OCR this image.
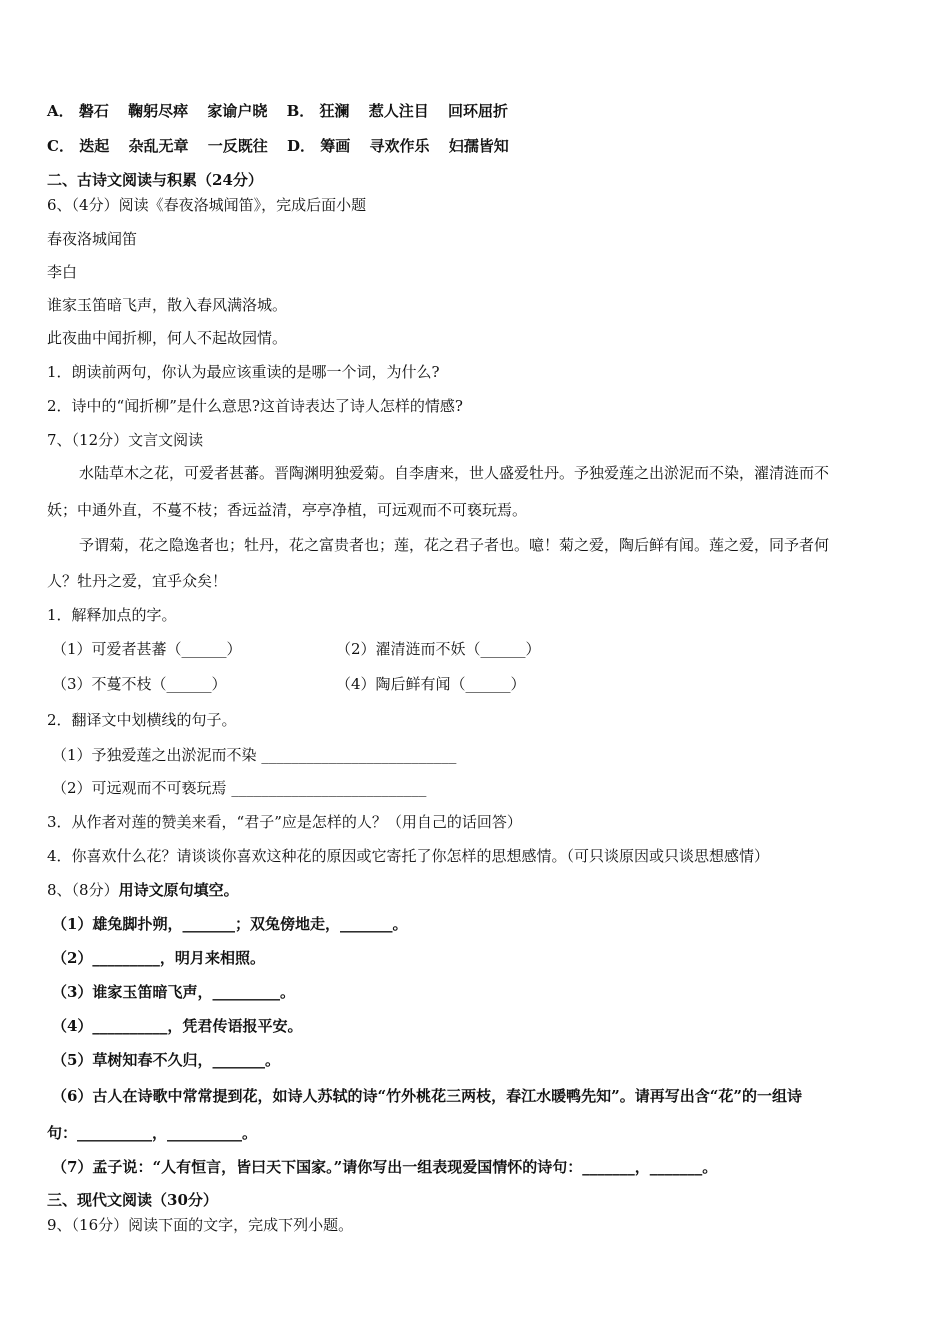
A． 磐石 鞠躬尽瘁 家谕户晓 B． 狂澜 惹人注目 回环屈折
C． 迭起 杂乱无章 一反既往 D． 筹画 寻欢作乐 妇孺皆知
二、古诗文阅读与积累（24分）
6、（4分）阅读《春夜洛城闻笛》，完成后面小题
春夜洛城闻笛
李白
谁家玉笛暗飞声，散入春风满洛城。
此夜曲中闻折柳，何人不起故园情。
1．朗读前两句，你认为最应该重读的是哪一个词，为什么?
2．诗中的“闻折柳”是什么意思?这首诗表达了诗人怎样的情感?
7、（12分）文言文阅读
水陆草木之花，可爱者甚蕃。晋陶渊明独爱菊。自李唐来，世人盛爱牡丹。予独爱莲之出淤泥而不染，濯清涟而不
妖；中通外直，不蔓不枝；香远益清，亭亭净植，可远观而不可亵玩焉。
予谓菊，花之隐逸者也；牡丹，花之富贵者也；莲，花之君子者也。噫！菊之爱，陶后鲜有闻。莲之爱，同予者何
人？牡丹之爱，宜乎众矣！
1．解释加点的字。
（1）可爱者甚蕃（______）	（2）濯清涟而不妖（______）
（3）不蔓不枝（______）	（4）陶后鲜有闻（______）
2．翻译文中划横线的句子。
（1）予独爱莲之出淤泥而不染 __________________________
（2）可远观而不可亵玩焉 __________________________
3．从作者对莲的赞美来看，“君子”应是怎样的人？（用自己的话回答）
4．你喜欢什么花？请谈谈你喜欢这种花的原因或它寄托了你怎样的思想感情。（可只谈原因或只谈思想感情）
8、（8分）用诗文原句填空。
（1）雄兔脚扑朔，_______；双兔傍地走，_______。
（2）_________，明月来相照。
（3）谁家玉笛暗飞声，_________。
（4）__________，凭君传语报平安。
（5）草树知春不久归，_______。
（6）古人在诗歌中常常提到花，如诗人苏轼的诗“竹外桃花三两枝，春江水暖鸭先知”。请再写出含“花”的一组诗
句：__________，__________。
（7）孟子说：“人有恒言，皆曰天下国家。”请你写出一组表现爱国情怀的诗句：_______，_______。
三、现代文阅读（30分）
9、（16分）阅读下面的文字，完成下列小题。
